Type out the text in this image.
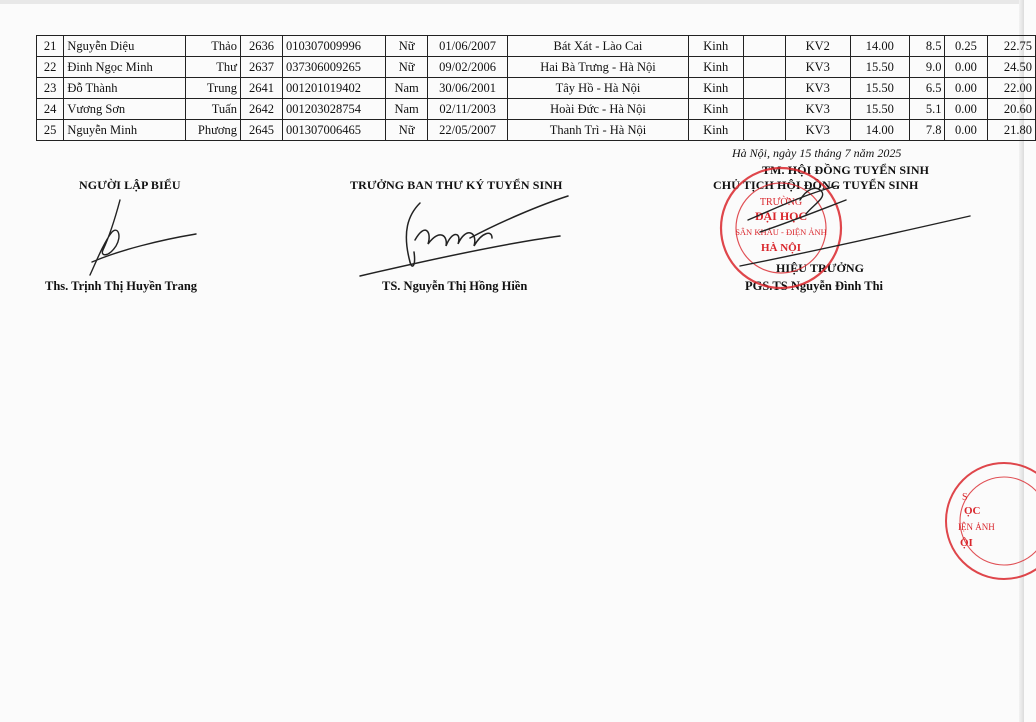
21	Nguyễn Diệu	Thảo	2636	010307009996	Nữ	01/06/2007	Bát Xát - Lào Cai	Kinh		KV2	14.00	8.5	0.25	22.75
22	Đinh Ngọc Minh	Thư	2637	037306009265	Nữ	09/02/2006	Hai Bà Trưng - Hà Nội	Kinh		KV3	15.50	9.0	0.00	24.50
23	Đỗ Thành	Trung	2641	001201019402	Nam	30/06/2001	Tây Hồ - Hà Nội	Kinh		KV3	15.50	6.5	0.00	22.00
24	Vương Sơn	Tuấn	2642	001203028754	Nam	02/11/2003	Hoài Đức - Hà Nội	Kinh		KV3	15.50	5.1	0.00	20.60
25	Nguyễn Minh	Phương	2645	001307006465	Nữ	22/05/2007	Thanh Trì - Hà Nội	Kinh		KV3	14.00	7.8	0.00	21.80
Hà Nội, ngày 15 tháng 7 năm 2025
NGƯỜI LẬP BIỂU	TRƯỞNG BAN THƯ KÝ TUYỂN SINH
TM. HỘI ĐỒNG TUYỂN SINH
CHỦ TỊCH HỘI ĐỒNG TUYỂN SINH
HIỆU TRƯỞNG
Ths. Trịnh Thị Huyền Trang	TS. Nguyễn Thị Hồng Hiền	PGS.TS Nguyễn Đình Thi
TRƯỜNG
ĐẠI HỌC
SÂN KHẤU - ĐIỆN ẢNH
HÀ NỘI
S
ỌC
IỆN ẢNH
ỘI
